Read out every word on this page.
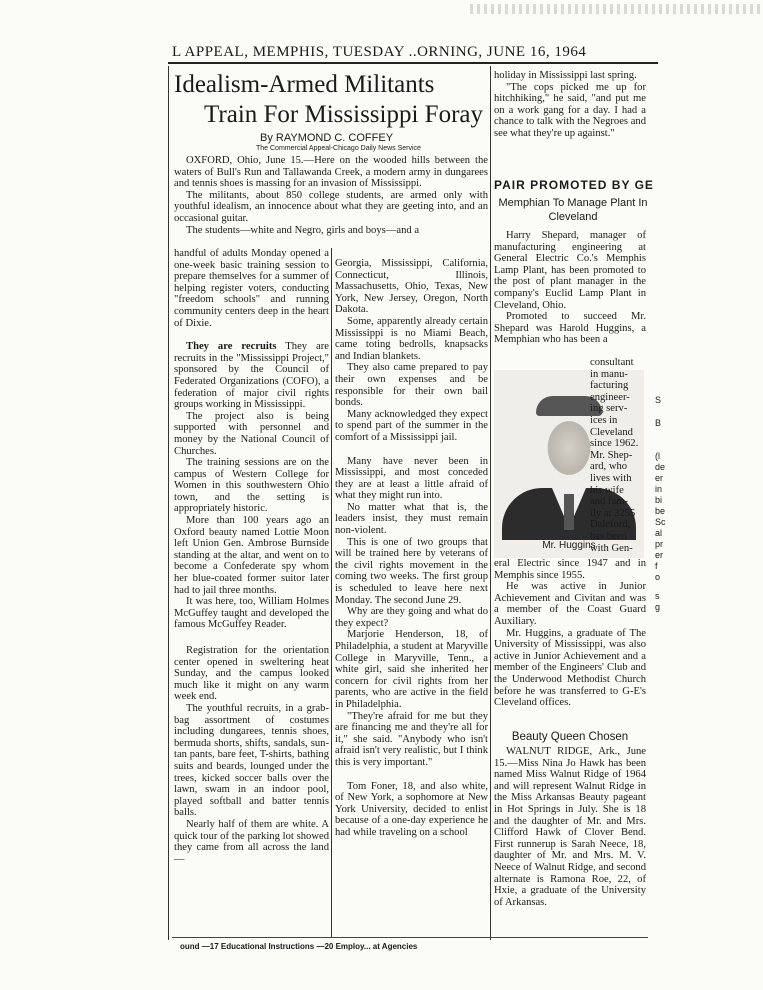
L APPEAL, MEMPHIS, TUESDAY ..ORNING, JUNE 16, 1964
Idealism-Armed Militants
Train For Mississippi Foray
By RAYMOND C. COFFEY
The Commercial Appeal-Chicago Daily News Service

OXFORD, Ohio, June 15.—Here on the wooded hills between the waters of Bull's Run and Tallawanda Creek, a modern army in dungarees and tennis shoes is massing for an invasion of Mississippi.

The militants, about 850 college students, are armed only with youthful idealism, an innocence about what they are geeting into, and an occasional guitar.

The students—white and Negro, girls and boys—and a

handful of adults Monday opened a one-week basic training session to prepare themselves for a summer of helping register voters, conducting "freedom schools" and running community centers deep in the heart of Dixie.

They are recruits They are recruits in the "Mississippi Project," sponsored by the Council of Federated Organizations (COFO), a federation of major civil rights groups working in Mississippi.

The project also is being supported with personnel and money by the National Council of Churches.

The training sessions are on the campus of Western College for Women in this southwestern Ohio town, and the setting is appropriately historic.

More than 100 years ago an Oxford beauty named Lottie Moon left Union Gen. Ambrose Burnside standing at the altar, and went on to become a Confederate spy whom her blue-coated former suitor later had to jail three months.

It was here, too, William Holmes McGuffey taught and developed the famous McGuffey Reader.

Registration for the orientation center opened in sweltering heat Sunday, and the campus looked much like it might on any warm week end.

The youthful recruits, in a grab-bag assortment of costumes including dungarees, tennis shoes, bermuda shorts, shifts, sandals, sun-tan pants, bare feet, T-shirts, bathing suits and beards, lounged under the trees, kicked soccer balls over the lawn, swam in an indoor pool, played softball and batter tennis balls.

Nearly half of them are white. A quick tour of the parking lot showed they came from all across the land —

Georgia, Mississippi, California, Connecticut, Illinois, Massachusetts, Ohio, Texas, New York, New Jersey, Oregon, North Dakota.

Some, apparently already certain Mississippi is no Miami Beach, came toting bedrolls, knapsacks and Indian blankets.

They also came prepared to pay their own expenses and be responsible for their own bail bonds.

Many acknowledged they expect to spend part of the summer in the comfort of a Mississippi jail.

Many have never been in Mississippi, and most conceded they are at least a little afraid of what they might run into.

No matter what that is, the leaders insist, they must remain non-violent.

This is one of two groups that will be trained here by veterans of the civil rights movement in the coming two weeks. The first group is scheduled to leave here next Monday. The second June 29.

Why are they going and what do they expect?

Marjorie Henderson, 18, of Philadelphia, a student at Maryville College in Maryville, Tenn., a white girl, said she inherited her concern for civil rights from her parents, who are active in the field in Philadelphia.

"They're afraid for me but they are financing me and they're all for it," she said. "Anybody who isn't afraid isn't very realistic, but I think this is very important."

Tom Foner, 18, and also white, of New York, a sophomore at New York University, decided to enlist because of a one-day experience he had while traveling on a school

holiday in Mississippi last spring.

"The cops picked me up for hitchhiking," he said, "and put me on a work gang for a day. I had a chance to talk with the Negroes and see what they're up against."

PAIR PROMOTED BY GE
Memphian To Manage Plant In Cleveland

Harry Shepard, manager of manufacturing engineering at General Electric Co.'s Memphis Lamp Plant, has been promoted to the post of plant manager in the company's Euclid Lamp Plant in Cleveland, Ohio.

Promoted to succeed Mr. Shepard was Harold Huggins, a Memphian who has been a

Mr. Huggins
consultant
in manu-
facturing
engineer-
ing serv-
ices in
Cleveland
since 1962.
Mr. Shep-
ard, who
lives with
his wife
and fam-
ily at 3255
Daleford,
has been
with Gen-

eral Electric since 1947 and in Memphis since 1955.

He was active in Junior Achievement and Civitan and was a member of the Coast Guard Auxiliary.

Mr. Huggins, a graduate of The University of Mississippi, was also active in Junior Achievement and a member of the Engineers' Club and the Underwood Methodist Church before he was transferred to G-E's Cleveland offices.

Beauty Queen Chosen

WALNUT RIDGE, Ark., June 15.—Miss Nina Jo Hawk has been named Miss Walnut Ridge of 1964 and will represent Walnut Ridge in the Miss Arkansas Beauty pageant in Hot Springs in July. She is 18 and the daughter of Mr. and Mrs. Clifford Hawk of Clover Bend. First runnerup is Sarah Neece, 18, daughter of Mr. and Mrs. M. V. Neece of Walnut Ridge, and second alternate is Ramona Roe, 22, of Hxie, a graduate of the University of Arkansas.

S
B
(l
de
er
in
bi
be
Sc
al
pr
er
f
o
s
g
ound —17 Educational Instructions —20 Employ... at Agencies
